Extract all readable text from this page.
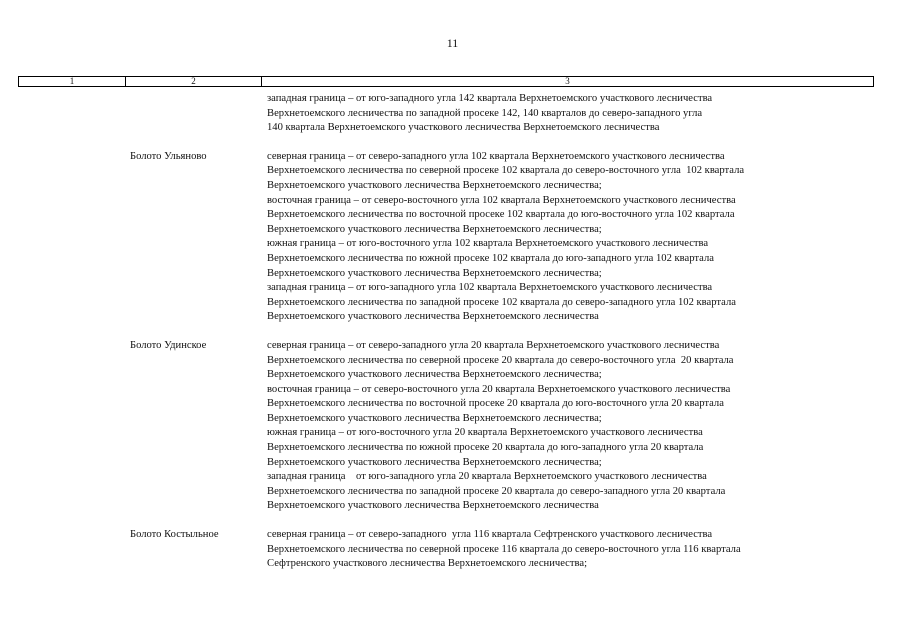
11
1	2	3
западная граница – от юго-западного угла 142 квартала Верхнетоемского участкового лесничества
Верхнетоемского лесничества по западной просеке 142, 140 кварталов до северо-западного угла
140 квартала Верхнетоемского участкового лесничества Верхнетоемского лесничества
Болото Ульяново	северная граница – от северо-западного угла 102 квартала Верхнетоемского участкового лесничества
Верхнетоемского лесничества по северной просеке 102 квартала до северо-восточного угла  102 квартала
Верхнетоемского участкового лесничества Верхнетоемского лесничества;
восточная граница – от северо-восточного угла 102 квартала Верхнетоемского участкового лесничества
Верхнетоемского лесничества по восточной просеке 102 квартала до юго-восточного угла 102 квартала
Верхнетоемского участкового лесничества Верхнетоемского лесничества;
южная граница – от юго-восточного угла 102 квартала Верхнетоемского участкового лесничества
Верхнетоемского лесничества по южной просеке 102 квартала до юго-западного угла 102 квартала
Верхнетоемского участкового лесничества Верхнетоемского лесничества;
западная граница – от юго-западного угла 102 квартала Верхнетоемского участкового лесничества
Верхнетоемского лесничества по западной просеке 102 квартала до северо-западного угла 102 квартала
Верхнетоемского участкового лесничества Верхнетоемского лесничества
Болото Удинское	северная граница – от северо-западного угла 20 квартала Верхнетоемского участкового лесничества
Верхнетоемского лесничества по северной просеке 20 квартала до северо-восточного угла  20 квартала
Верхнетоемского участкового лесничества Верхнетоемского лесничества;
восточная граница – от северо-восточного угла 20 квартала Верхнетоемского участкового лесничества
Верхнетоемского лесничества по восточной просеке 20 квартала до юго-восточного угла 20 квартала
Верхнетоемского участкового лесничества Верхнетоемского лесничества;
южная граница – от юго-восточного угла 20 квартала Верхнетоемского участкового лесничества
Верхнетоемского лесничества по южной просеке 20 квартала до юго-западного угла 20 квартала
Верхнетоемского участкового лесничества Верхнетоемского лесничества;
западная граница    от юго-западного угла 20 квартала Верхнетоемского участкового лесничества
Верхнетоемского лесничества по западной просеке 20 квартала до северо-западного угла 20 квартала
Верхнетоемского участкового лесничества Верхнетоемского лесничества
Болото Костыльное	северная граница – от северо-западного  угла 116 квартала Сефтренского участкового лесничества
Верхнетоемского лесничества по северной просеке 116 квартала до северо-восточного угла 116 квартала
Сефтренского участкового лесничества Верхнетоемского лесничества;
